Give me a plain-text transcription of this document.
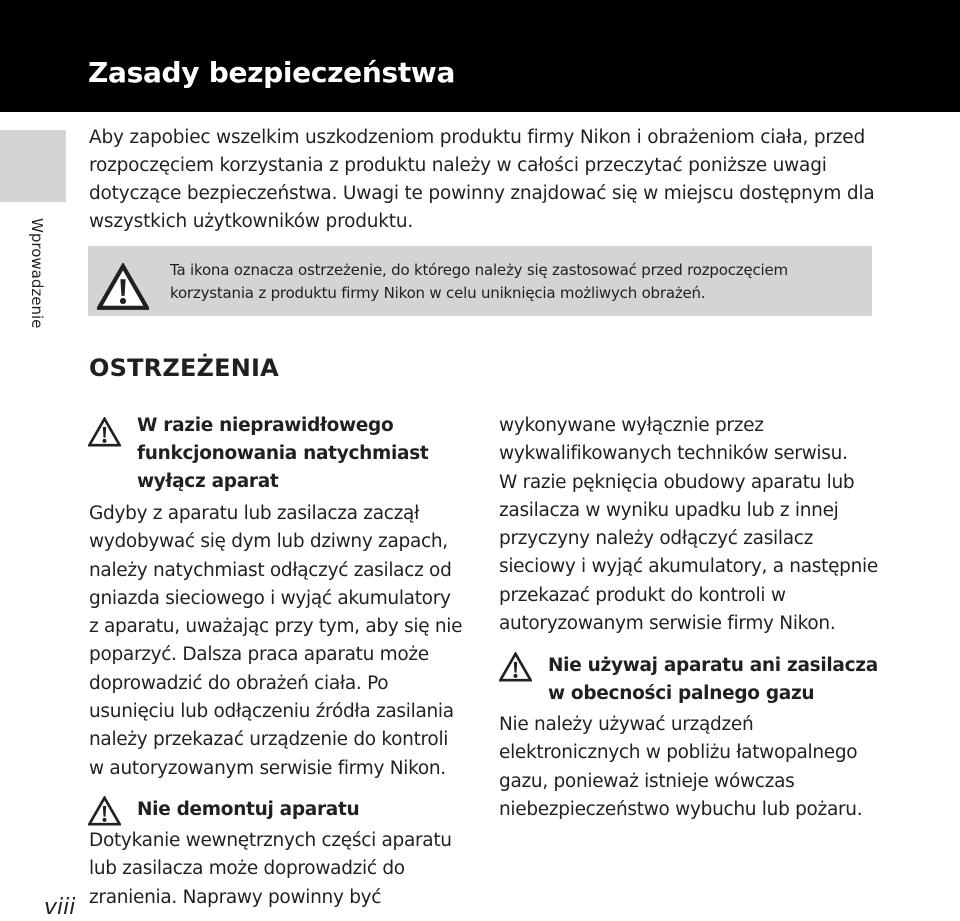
Zasady bezpieczeństwa
Wprowadzenie

Aby zapobiec wszelkim uszkodzeniom produktu firmy Nikon i obrażeniom ciała, przed
rozpoczęciem korzystania z produktu należy w całości przeczytać poniższe uwagi
dotyczące bezpieczeństwa. Uwagi te powinny znajdować się w miejscu dostępnym dla
wszystkich użytkowników produktu.

Ta ikona oznacza ostrzeżenie, do którego należy się zastosować przed rozpoczęciem
korzystania z produktu firmy Nikon w celu uniknięcia możliwych obrażeń.

OSTRZEŻENIA

W razie nieprawidłowego
funkcjonowania natychmiast
wyłącz aparat

Gdyby z aparatu lub zasilacza zaczął
wydobywać się dym lub dziwny zapach,
należy natychmiast odłączyć zasilacz od
gniazda sieciowego i wyjąć akumulatory
z aparatu, uważając przy tym, aby się nie
poparzyć. Dalsza praca aparatu może
doprowadzić do obrażeń ciała. Po
usunięciu lub odłączeniu źródła zasilania
należy przekazać urządzenie do kontroli
w autoryzowanym serwisie firmy Nikon.

Nie demontuj aparatu

Dotykanie wewnętrznych części aparatu
lub zasilacza może doprowadzić do
zranienia. Naprawy powinny być

wykonywane wyłącznie przez
wykwalifikowanych techników serwisu.
W razie pęknięcia obudowy aparatu lub
zasilacza w wyniku upadku lub z innej
przyczyny należy odłączyć zasilacz
sieciowy i wyjąć akumulatory, a następnie
przekazać produkt do kontroli w
autoryzowanym serwisie firmy Nikon.

Nie używaj aparatu ani zasilacza
w obecności palnego gazu

Nie należy używać urządzeń
elektronicznych w pobliżu łatwopalnego
gazu, ponieważ istnieje wówczas
niebezpieczeństwo wybuchu lub pożaru.

viii
